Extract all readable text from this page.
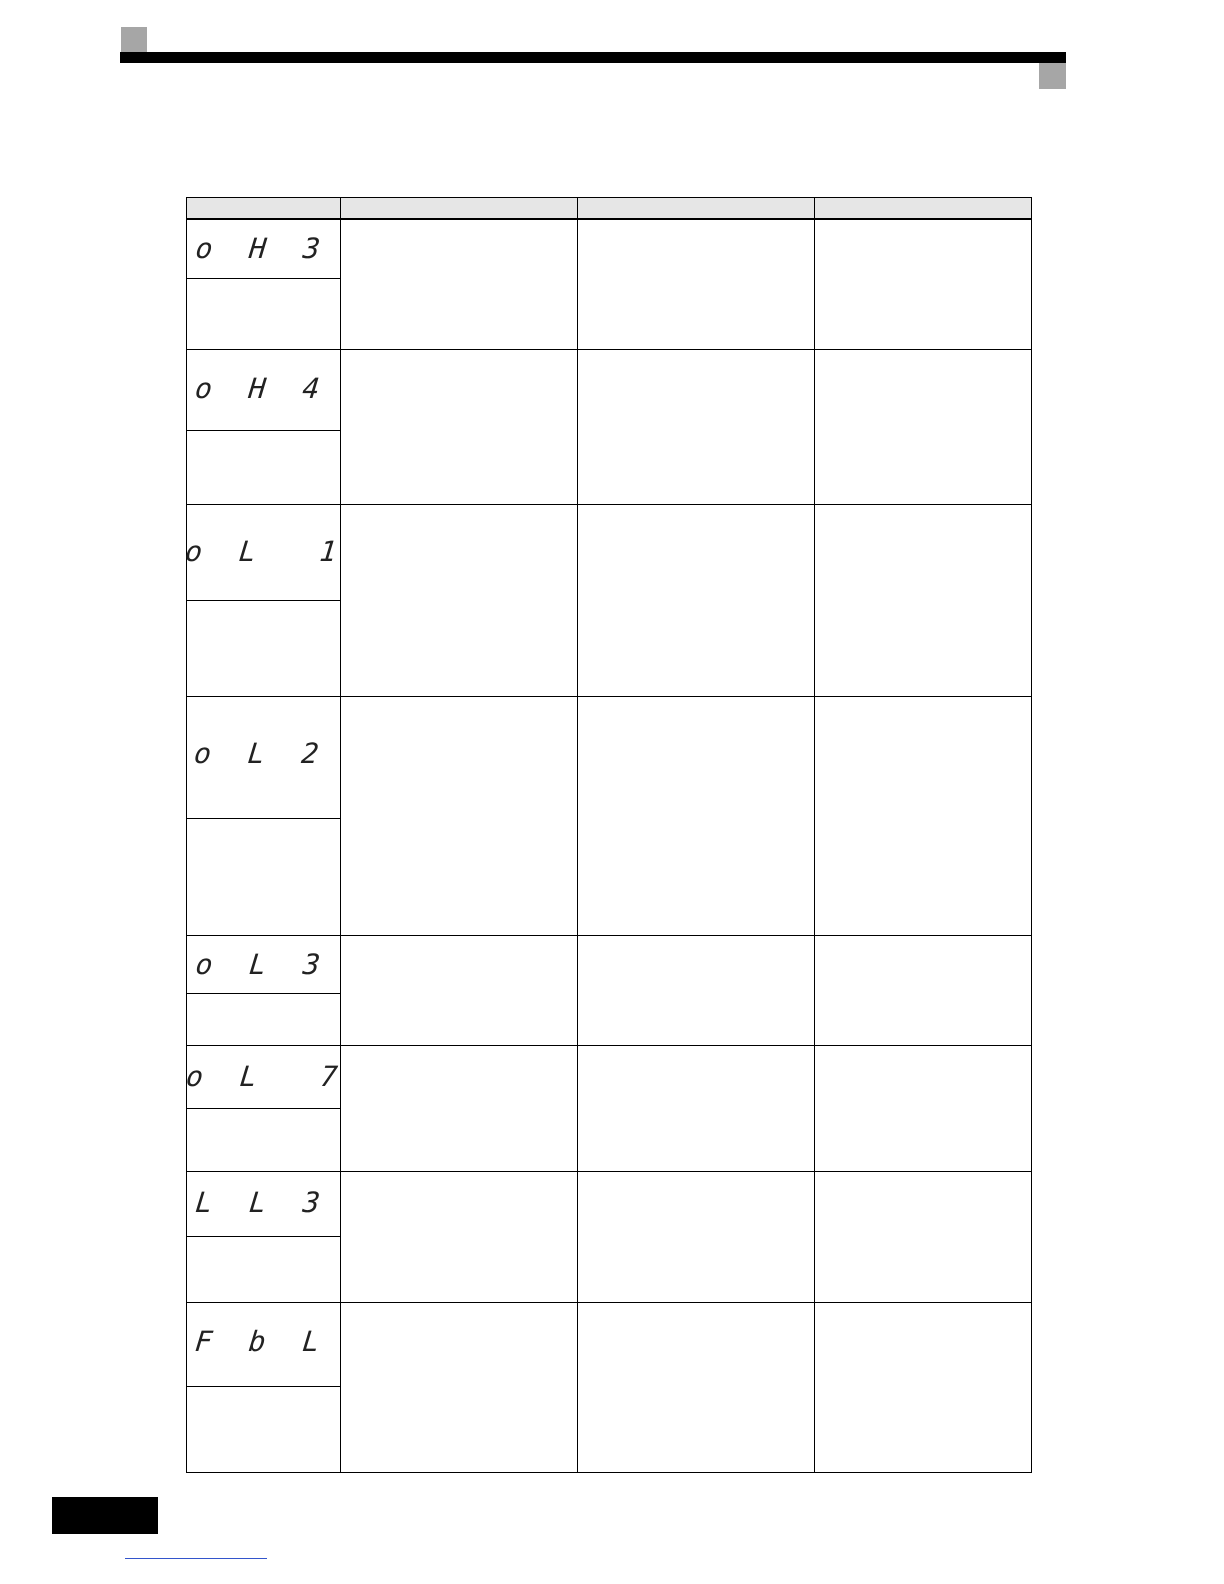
o H 3			

o H 4			

o L  1			

o L 2			

o L 3			

o L  7			

L L 3			

F b L			
